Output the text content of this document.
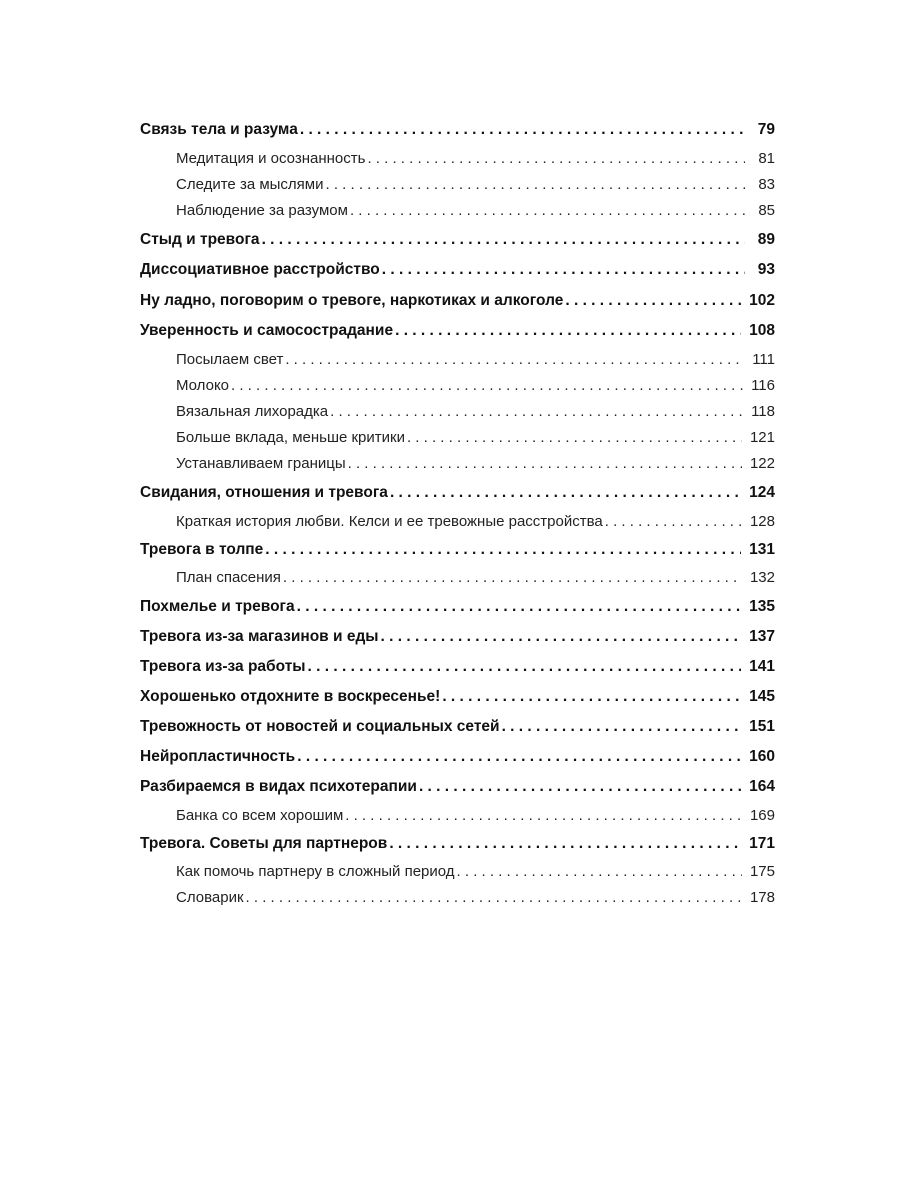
Связь тела и разума . . .	79
Медитация и осознанность . . .	81
Следите за мыслями . . .	83
Наблюдение за разумом . . .	85
Стыд и тревога . . .	89
Диссоциативное расстройство . . .	93
Ну ладно, поговорим о тревоге, наркотиках и алкоголе . . .	102
Уверенность и самосострадание . . .	108
Посылаем свет . . .	111
Молоко . . .	116
Вязальная лихорадка . . .	118
Больше вклада, меньше критики . . .	121
Устанавливаем границы . . .	122
Свидания, отношения и тревога . . .	124
Краткая история любви. Келси и ее тревожные расстройства . . .	128
Тревога в толпе . . .	131
План спасения . . .	132
Похмелье и тревога . . .	135
Тревога из-за магазинов и еды . . .	137
Тревога из-за работы . . .	141
Хорошенько отдохните в воскресенье! . . .	145
Тревожность от новостей и социальных сетей . . .	151
Нейропластичность . . .	160
Разбираемся в видах психотерапии . . .	164
Банка со всем хорошим . . .	169
Тревога. Советы для партнеров . . .	171
Как помочь партнеру в сложный период . . .	175
Словарик . . .	178
